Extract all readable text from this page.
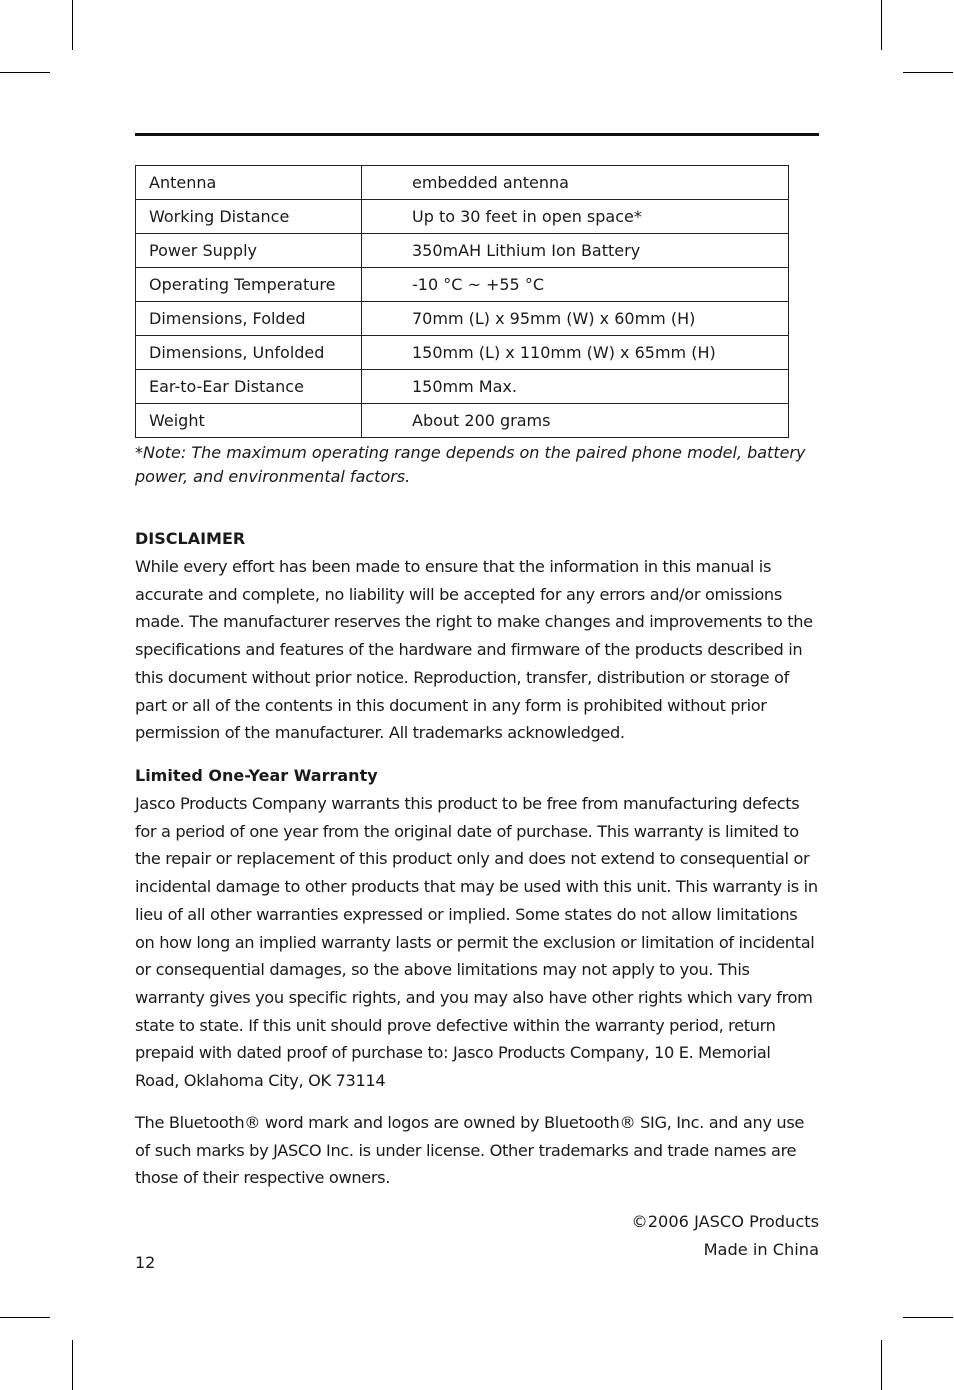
Antenna	embedded antenna
Working Distance	Up to 30 feet in open space*
Power Supply	350mAH Lithium Ion Battery
Operating Temperature	-10 °C ~ +55 °C
Dimensions, Folded	70mm (L) x 95mm (W) x 60mm (H)
Dimensions, Unfolded	150mm (L) x 110mm (W) x 65mm (H)
Ear-to-Ear Distance	150mm Max.
Weight	About 200 grams
*Note: The maximum operating range depends on the paired phone model, battery power, and environmental factors.
DISCLAIMER
While every effort has been made to ensure that the information in this manual is accurate and complete, no liability will be accepted for any errors and/or omissions made. The manufacturer reserves the right to make changes and improvements to the specifications and features of the hardware and firmware of the products described in this document without prior notice. Reproduction, transfer, distribution or storage of part or all of the contents in this document in any form is prohibited without prior permission of the manufacturer. All trademarks acknowledged.
Limited One-Year Warranty
Jasco Products Company warrants this product to be free from manufacturing defects for a period of one year from the original date of purchase. This warranty is limited to the repair or replacement of this product only and does not extend to consequential or incidental damage to other products that may be used with this unit. This warranty is in lieu of all other warranties expressed or implied. Some states do not allow limitations on how long an implied warranty lasts or permit the exclusion or limitation of incidental or consequential damages, so the above limitations may not apply to you. This warranty gives you specific rights, and you may also have other rights which vary from state to state. If this unit should prove defective within the warranty period, return prepaid with dated proof of purchase to: Jasco Products Company, 10 E. Memorial Road, Oklahoma City, OK 73114
The Bluetooth® word mark and logos are owned by Bluetooth® SIG, Inc. and any use of such marks by JASCO Inc. is under license. Other trademarks and trade names are those of their respective owners.
©2006 JASCO Products
Made in China
12
